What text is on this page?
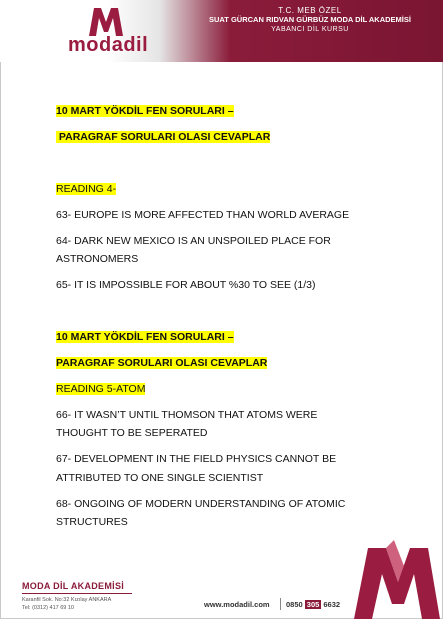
modadil
T.C. MEB ÖZEL
SUAT GÜRCAN RIDVAN GÜRBÜZ MODA DİL AKADEMİSİ
YABANCI DİL KURSU
10 MART YÖKDİL FEN SORULARI –
PARAGRAF SORULARI OLASI CEVAPLAR
READING 4-
63- EUROPE IS MORE AFFECTED THAN WORLD AVERAGE
64- DARK NEW MEXICO IS AN UNSPOILED PLACE FOR
ASTRONOMERS
65- IT IS IMPOSSIBLE FOR ABOUT %30 TO SEE (1/3)
10 MART YÖKDİL FEN SORULARI –
PARAGRAF SORULARI OLASI CEVAPLAR
READING 5-ATOM
66- IT WASN’T UNTIL THOMSON THAT ATOMS WERE
THOUGHT TO BE SEPERATED
67- DEVELOPMENT IN THE FIELD PHYSICS CANNOT BE
ATTRIBUTED TO ONE SINGLE SCIENTIST
68- ONGOING OF MODERN UNDERSTANDING OF ATOMIC
STRUCTURES
MODA DİL AKADEMİSİ
Karanfil Sok. No:32 Kızılay ANKARA
Tel: (0312) 417 69 10	www.modadil.com 0850 305 6632
